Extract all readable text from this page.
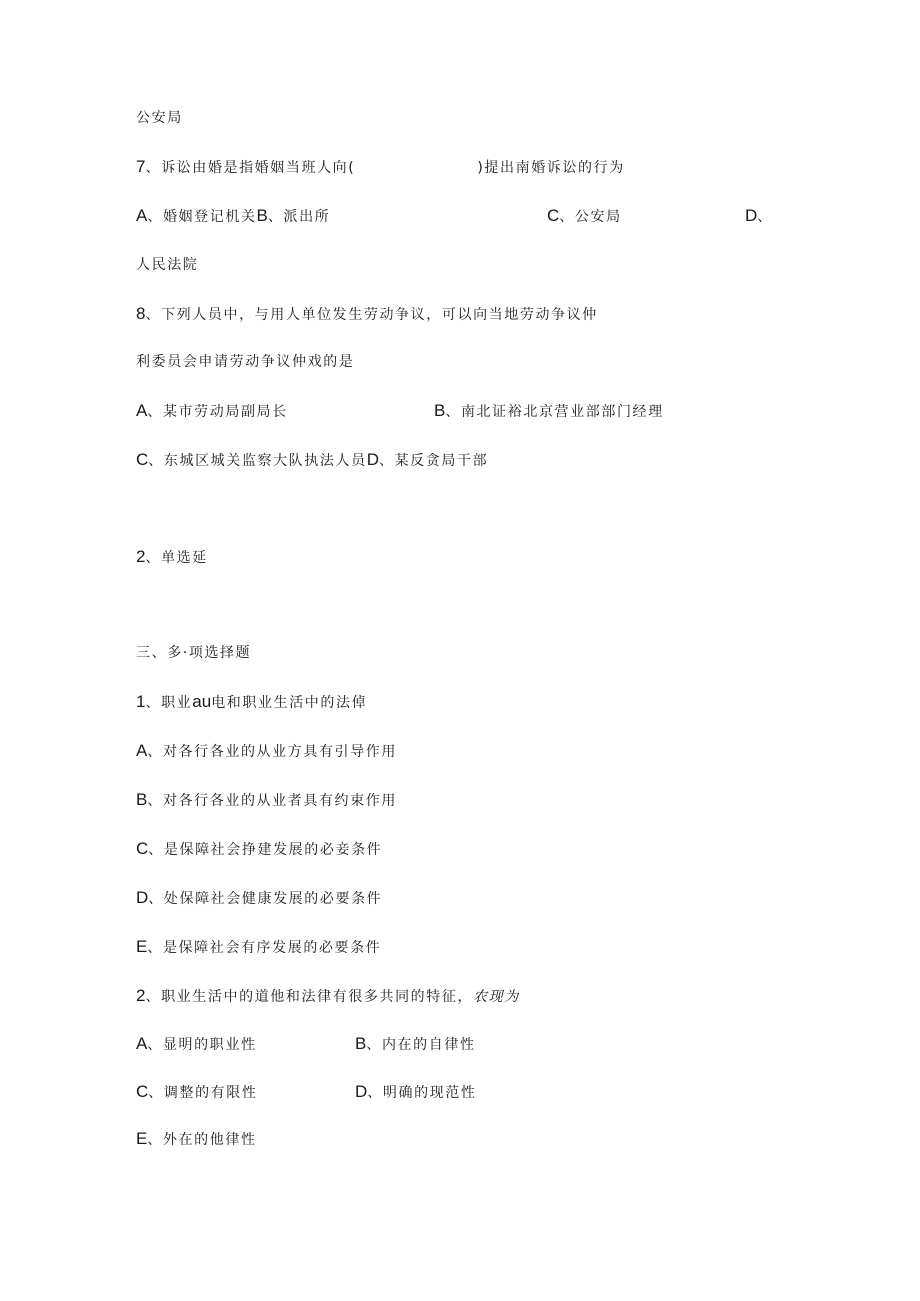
公安局
7、诉讼由婚是指婚姻当班人向(	)提出南婚诉讼的行为
A、婚姻登记机关B、派出所	C、公安局	D、
人民法院
8、下列人员中，与用人单位发生劳动争议，可以向当地劳动争议仲
利委员会申请劳动争议仲戏的是
A、某市劳动局副局长	B、南北证裕北京营业部部门经理
C、东城区城关监察大队执法人员D、某反贪局干部
2、单选延
三、多·项选择题
1、职业au电和职业生活中的法倬
A、对各行各业的从业方具有引导作用
B、对各行各业的从业者具有约束作用
C、是保障社会挣建发展的必妾条件
D、处保障社会健康发展的必要条件
E、是保障社会有序发展的必要条件
2、职业生活中的道他和法律有很多共同的特征，农现为
A、显明的职业性	B、内在的自律性
C、调整的有限性	D、明确的现范性
E、外在的他律性
